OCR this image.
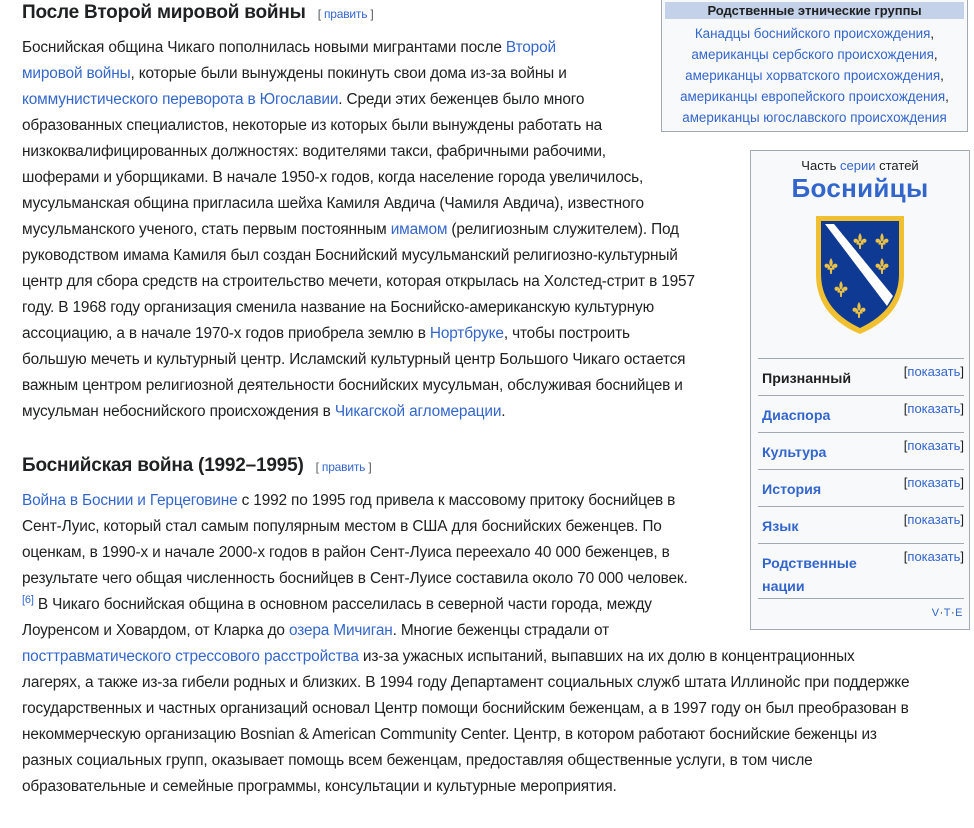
После Второй мировой войны [ править ]

Боснийская община Чикаго пополнилась новыми мигрантами после Второй

мировой войны, которые были вынуждены покинуть свои дома из-за войны и

коммунистического переворота в Югославии. Среди этих беженцев было много

образованных специалистов, некоторые из которых были вынуждены работать на

низкоквалифицированных должностях: водителями такси, фабричными рабочими,

шоферами и уборщиками. В начале 1950-х годов, когда население города увеличилось,

мусульманская община пригласила шейха Камиля Авдича (Чамиля Авдича), известного

мусульманского ученого, стать первым постоянным имамом (религиозным служителем). Под

руководством имама Камиля был создан Боснийский мусульманский религиозно-культурный

центр для сбора средств на строительство мечети, которая открылась на Холстед-стрит в 1957

году. В 1968 году организация сменила название на Боснийско-американскую культурную

ассоциацию, а в начале 1970-х годов приобрела землю в Нортбруке, чтобы построить

большую мечеть и культурный центр. Исламский культурный центр Большого Чикаго остается

важным центром религиозной деятельности боснийских мусульман, обслуживая боснийцев и

мусульман небоснийского происхождения в Чикагской агломерации.

Боснийская война (1992–1995) [ править ]

Война в Боснии и Герцеговине с 1992 по 1995 год привела к массовому притоку боснийцев в

Сент-Луис, который стал самым популярным местом в США для боснийских беженцев. По

оценкам, в 1990-х и начале 2000-х годов в район Сент-Луиса переехало 40 000 беженцев, в

результате чего общая численность боснийцев в Сент-Луисе составила около 70 000 человек.

[6] В Чикаго боснийская община в основном расселилась в северной части города, между

Лоуренсом и Ховардом, от Кларка до озера Мичиган. Многие беженцы страдали от

посттравматического стрессового расстройства из-за ужасных испытаний, выпавших на их долю в концентрационных

лагерях, а также из-за гибели родных и близких. В 1994 году Департамент социальных служб штата Иллинойс при поддержке

государственных и частных организаций основал Центр помощи боснийским беженцам, а в 1997 году он был преобразован в

некоммерческую организацию Bosnian & American Community Center. Центр, в котором работают боснийские беженцы из

разных социальных групп, оказывает помощь всем беженцам, предоставляя общественные услуги, в том числе

образовательные и семейные программы, консультации и культурные мероприятия.

Родственные этнические группы
Канадцы боснийского происхождения,
американцы сербского происхождения,
американцы хорватского происхождения,
американцы европейского происхождения,
американцы югославского происхождения
Часть серии статей
Боснийцы
Признанный	[показать]
Диаспора	[показать]
Культура	[показать]
История	[показать]
Язык	[показать]
Родственные
нации
[показать]
V·T·E
